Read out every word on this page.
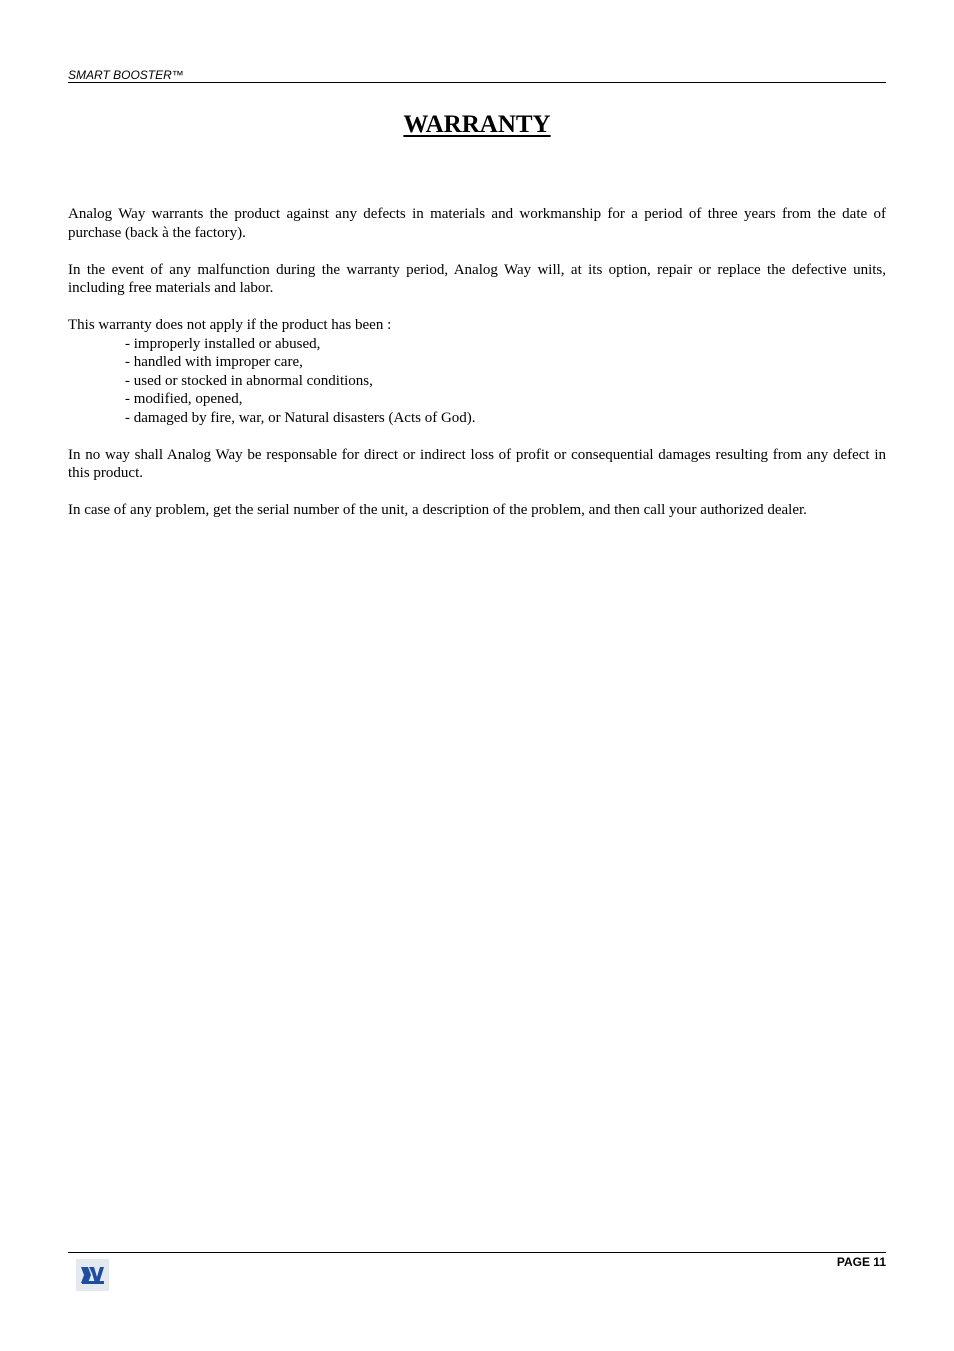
SMART BOOSTER™
WARRANTY

Analog Way warrants the product against any defects in materials and workmanship for a period of three years from the date of purchase (back à the factory).

In the event of any malfunction during the warranty period, Analog Way will, at its option, repair or replace the defective units, including free materials and labor.

This warranty does not apply if the product has been :

- improperly installed or abused,
- handled with improper care,
- used or stocked in abnormal conditions,
- modified, opened,
- damaged by fire, war, or Natural disasters (Acts of God).

In no way shall Analog Way be responsable for direct or indirect loss of profit or consequential damages resulting from any defect in this product.

In case of any problem, get the serial number of the unit, a description of the problem, and then call your authorized dealer.

PAGE 11
